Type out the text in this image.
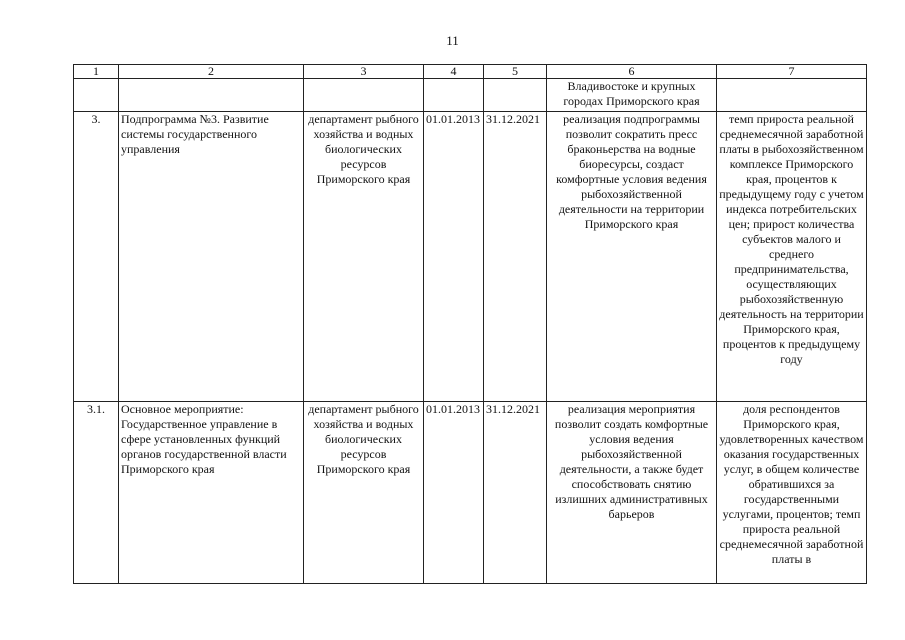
11
1	2	3	4	5	6	7
					Владивостоке и крупных городах Приморского края	
3.	Подпрограмма №3. Развитие системы государственного управления	департамент рыбного хозяйства и водных биологических ресурсов Приморского края	01.01.2013	31.12.2021	реализация подпрограммы позволит сократить пресс браконьерства на водные биоресурсы, создаст комфортные условия ведения рыбохозяйственной деятельности на территории Приморского края	темп прироста реальной среднемесячной заработной платы в рыбохозяйственном комплексе Приморского края, процентов к предыдущему году с учетом индекса потребительских цен; прирост количества субъектов малого и среднего предпринимательства, осуществляющих рыбохозяйственную деятельность на территории Приморского края, процентов к предыдущему году
3.1.	Основное мероприятие: Государственное управление в сфере установленных функций органов государственной власти Приморского края	департамент рыбного хозяйства и водных биологических ресурсов Приморского края	01.01.2013	31.12.2021	реализация мероприятия позволит создать комфортные условия ведения рыбохозяйственной деятельности, а также будет способствовать снятию излишних административных барьеров	доля респондентов Приморского края, удовлетворенных качеством оказания государственных услуг, в общем количестве обратившихся за государственными услугами, процентов; темп прироста реальной среднемесячной заработной платы в
